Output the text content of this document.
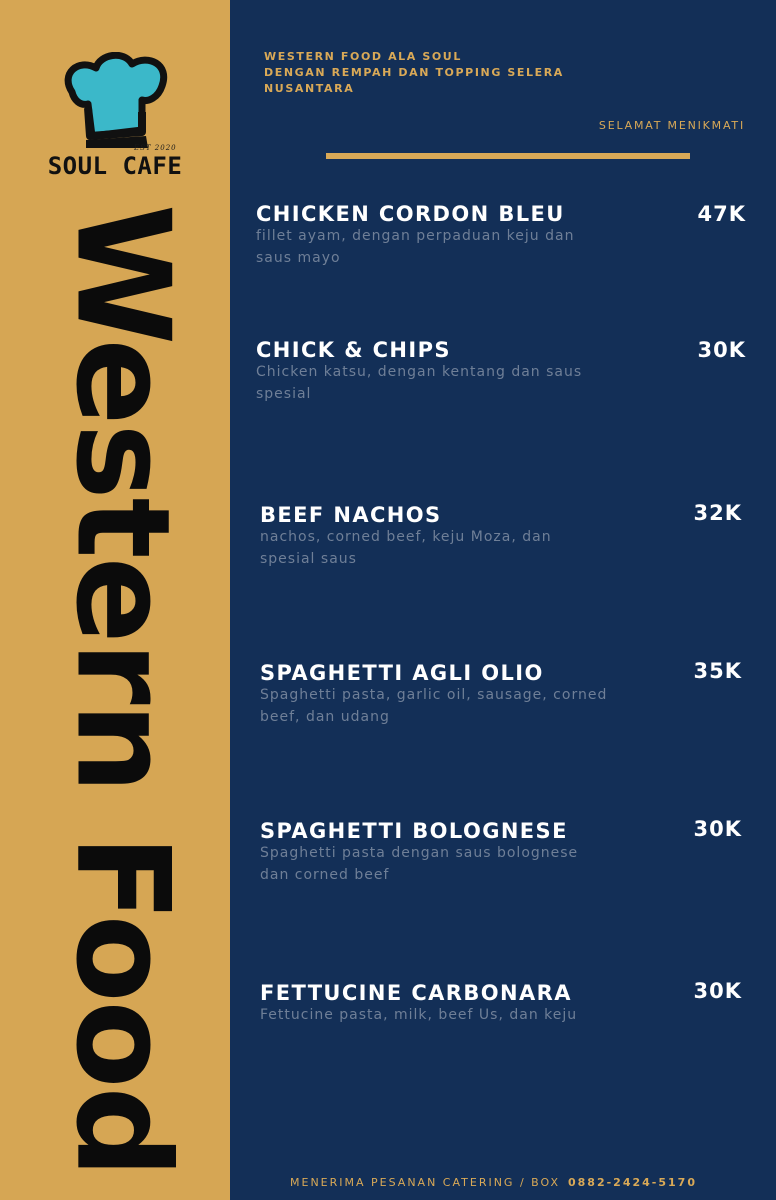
EST 2020
SOUL CAFE
Western Food
WESTERN FOOD ALA SOUL
DENGAN REMPAH DAN TOPPING SELERA
NUSANTARA
SELAMAT MENIKMATI
CHICKEN CORDON BLEU	47K
fillet ayam, dengan perpaduan keju dan saus mayo
CHICK & CHIPS	30K
Chicken katsu, dengan kentang dan saus spesial
BEEF NACHOS	32K
nachos, corned beef, keju Moza, dan spesial saus
SPAGHETTI AGLI OLIO	35K
Spaghetti pasta, garlic oil, sausage, corned beef, dan udang
SPAGHETTI BOLOGNESE	30K
Spaghetti pasta dengan saus bolognese dan corned beef
FETTUCINE CARBONARA	30K
Fettucine pasta, milk, beef Us, dan keju
MENERIMA PESANAN CATERING / BOX 0882-2424-5170
